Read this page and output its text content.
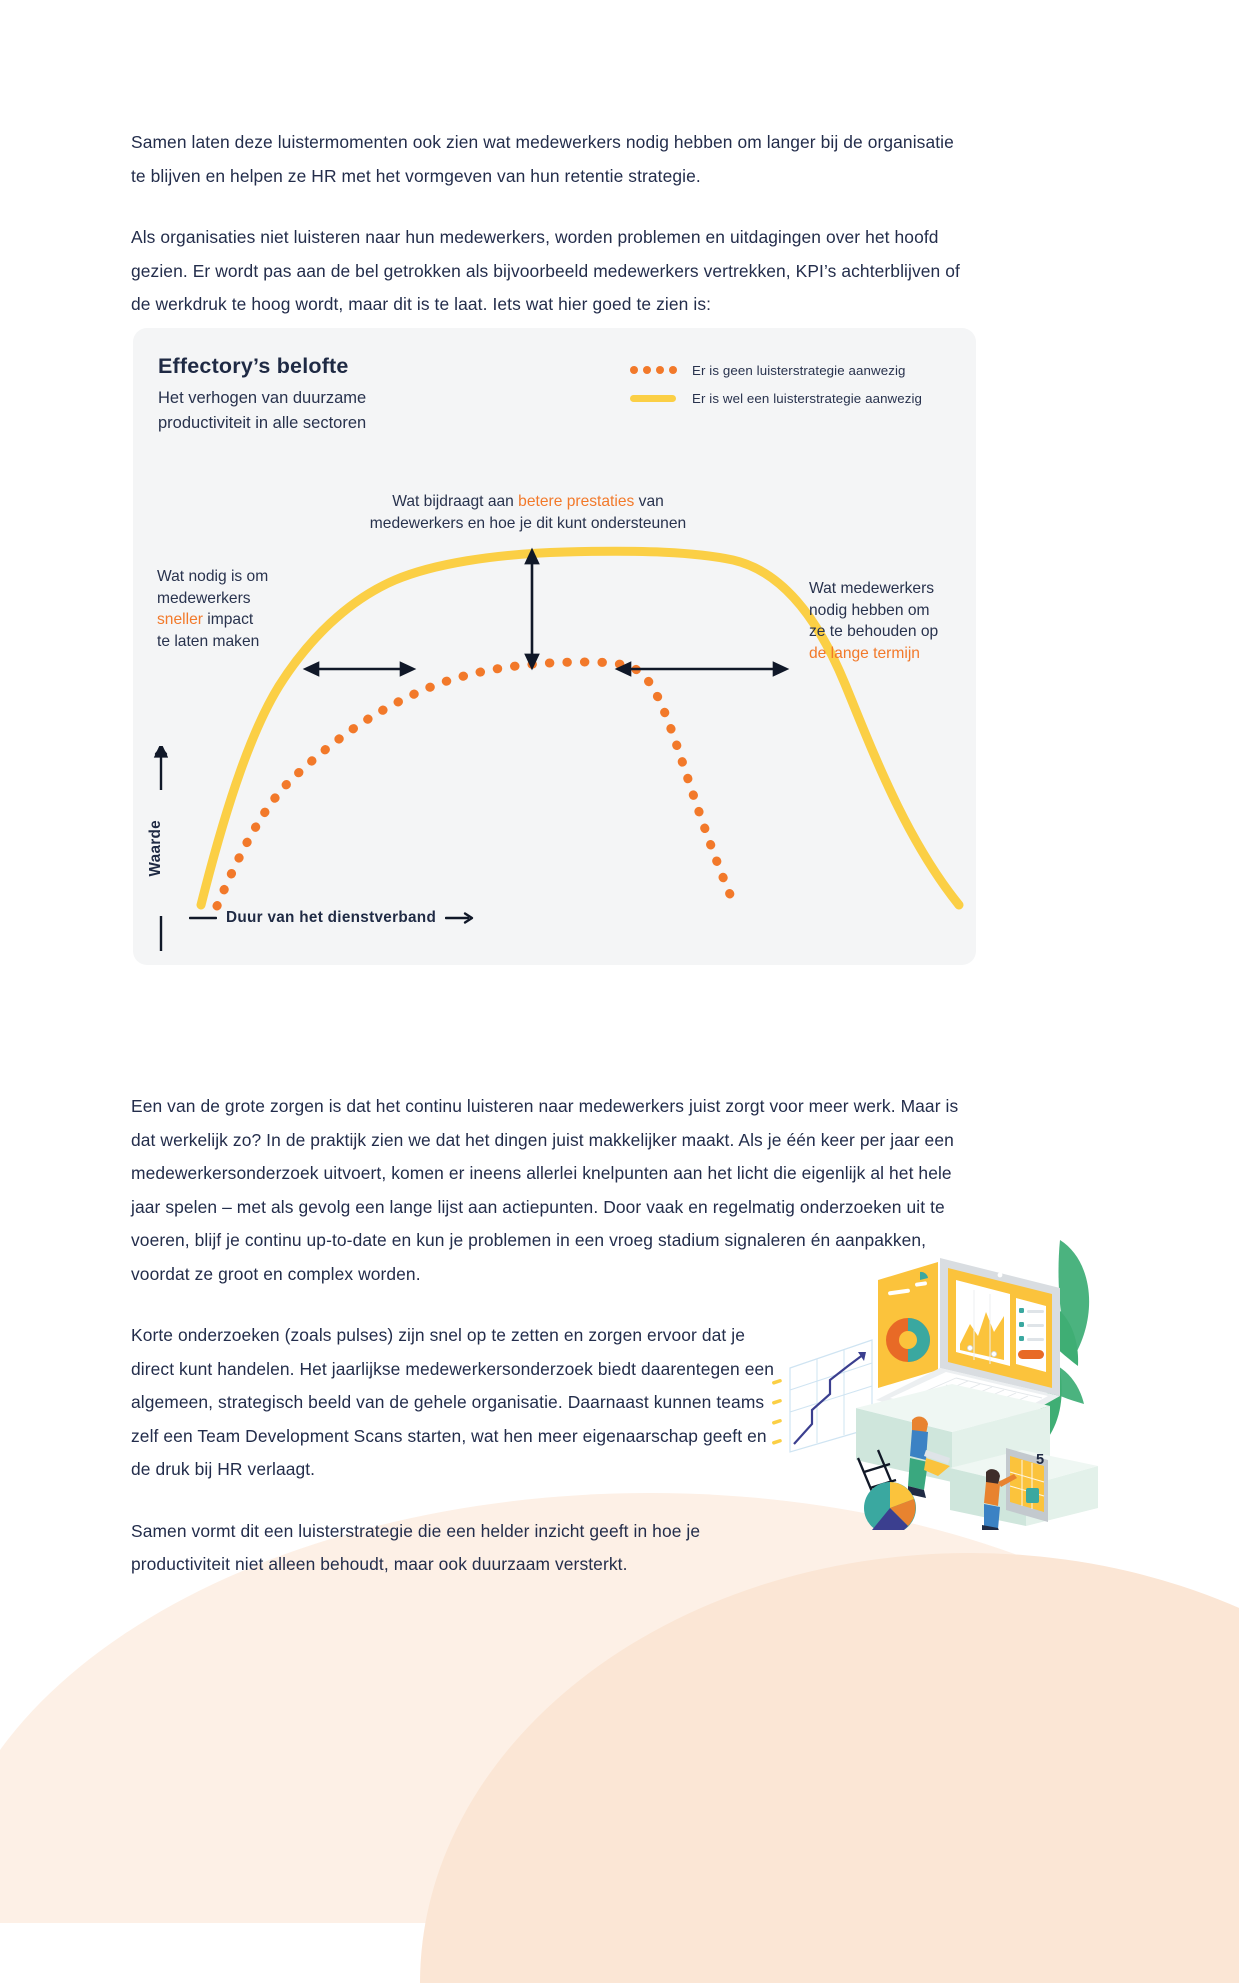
Samen laten deze luistermomenten ook zien wat medewerkers nodig hebben om langer bij de organisatie te blijven en helpen ze HR met het vormgeven van hun retentie strategie.

Als organisaties niet luisteren naar hun medewerkers, worden problemen en uitdagingen over het hoofd gezien. Er wordt pas aan de bel getrokken als bijvoorbeeld medewerkers vertrekken, KPI’s achterblijven of de werkdruk te hoog wordt, maar dit is te laat. Iets wat hier goed te zien is:

Effectory’s belofte
Het verhogen van duurzame productiviteit in alle sectoren
Er is geen luisterstrategie aanwezig
Er is wel een luisterstrategie aanwezig
Wat bijdraagt aan betere prestaties van medewerkers en hoe je dit kunt ondersteunen
Wat nodig is om
medewerkers
sneller impact
te laten maken
Wat medewerkers
nodig hebben om
ze te behouden op
de lange termijn
Waarde
Duur van het dienstverband

Een van de grote zorgen is dat het continu luisteren naar medewerkers juist zorgt voor meer werk. Maar is dat werkelijk zo? In de praktijk zien we dat het dingen juist makkelijker maakt. Als je één keer per jaar een medewerkersonderzoek uitvoert, komen er ineens allerlei knelpunten aan het licht die eigenlijk al het hele jaar spelen – met als gevolg een lange lijst aan actiepunten. Door vaak en regelmatig onderzoeken uit te voeren, blijf je continu up-to-date en kun je problemen in een vroeg stadium signaleren én aanpakken, voordat ze groot en complex worden.

Korte onderzoeken (zoals pulses) zijn snel op te zetten en zorgen ervoor dat je direct kunt handelen. Het jaarlijkse medewerkersonderzoek biedt daarentegen een algemeen, strategisch beeld van de gehele organisatie. Daarnaast kunnen teams zelf een Team Development Scans starten, wat hen meer eigenaarschap geeft en de druk bij HR verlaagt.

Samen vormt dit een luisterstrategie die een helder inzicht geeft in hoe je productiviteit niet alleen behoudt, maar ook duurzaam versterkt.

5
